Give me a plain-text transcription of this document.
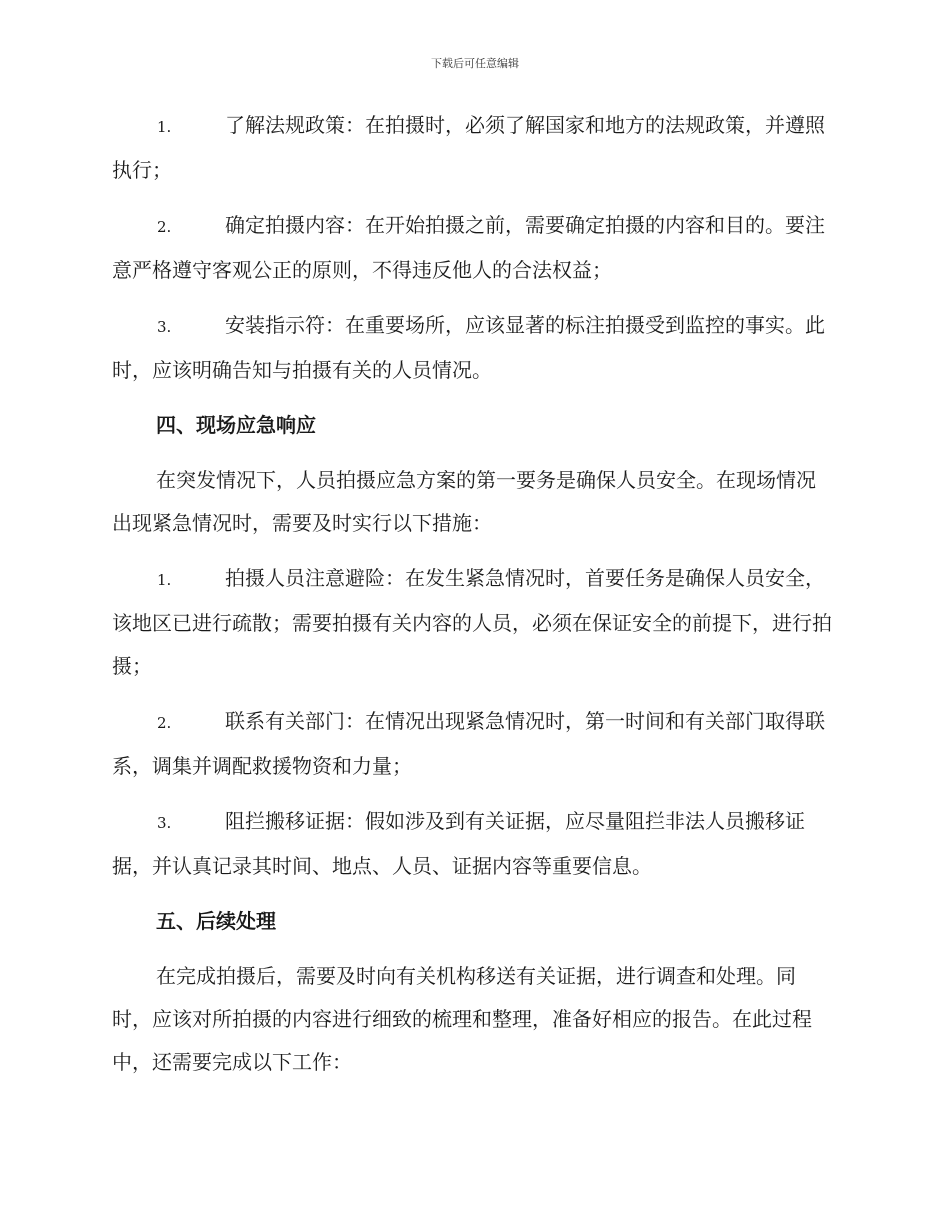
下载后可任意编辑
1.	了解法规政策：在拍摄时，必须了解国家和地方的法规政策，并遵照执行；
2.	确定拍摄内容：在开始拍摄之前，需要确定拍摄的内容和目的。要注意严格遵守客观公正的原则，不得违反他人的合法权益；
3.	安装指示符：在重要场所，应该显著的标注拍摄受到监控的事实。此时，应该明确告知与拍摄有关的人员情况。
四、现场应急响应

在突发情况下，人员拍摄应急方案的第一要务是确保人员安全。在现场情况出现紧急情况时，需要及时实行以下措施：

1.	拍摄人员注意避险：在发生紧急情况时，首要任务是确保人员安全，该地区已进行疏散；需要拍摄有关内容的人员，必须在保证安全的前提下，进行拍摄；
2.	联系有关部门：在情况出现紧急情况时，第一时间和有关部门取得联系，调集并调配救援物资和力量；
3.	阻拦搬移证据：假如涉及到有关证据，应尽量阻拦非法人员搬移证据，并认真记录其时间、地点、人员、证据内容等重要信息。
五、后续处理

在完成拍摄后，需要及时向有关机构移送有关证据，进行调查和处理。同时，应该对所拍摄的内容进行细致的梳理和整理，准备好相应的报告。在此过程中，还需要完成以下工作：
